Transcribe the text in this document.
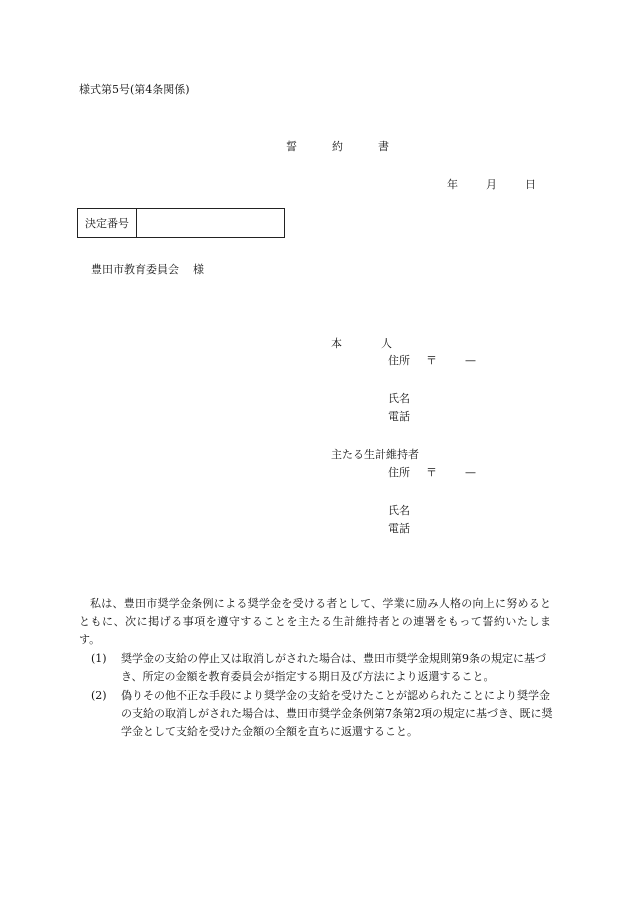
様式第5号(第4条関係)
誓　約　書
年	月	日
決定番号
豊田市教育委員会 様
本　人
住所 〒	—
氏名
電話
主たる生計維持者
住所 〒	—
氏名
電話
私は、豊田市奨学金条例による奨学金を受ける者として、学業に励み人格の向上に努めるとともに、次に掲げる事項を遵守することを主たる生計維持者との連署をもって誓約いたします。
(1)	奨学金の支給の停止又は取消しがされた場合は、豊田市奨学金規則第9条の規定に基づき、所定の金額を教育委員会が指定する期日及び方法により返還すること。
(2)	偽りその他不正な手段により奨学金の支給を受けたことが認められたことにより奨学金の支給の取消しがされた場合は、豊田市奨学金条例第7条第2項の規定に基づき、既に奨学金として支給を受けた金額の全額を直ちに返還すること。
